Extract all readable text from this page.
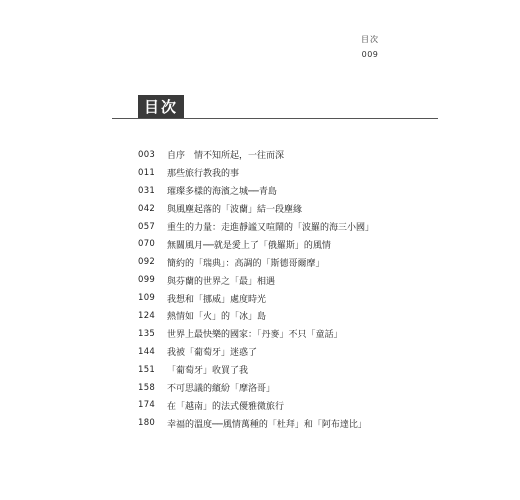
目次
009
目次
003	自序　情不知所起，一往而深
011	那些旅行教我的事
031	璀璨多樣的海濱之城──青島
042	與風塵起落的「波蘭」結一段塵緣
057	重生的力量：走進靜謐又喧鬧的「波羅的海三小國」
070	無關風月──就是愛上了「俄羅斯」的風情
092	簡約的「瑞典」：高調的「斯德哥爾摩」
099	與芬蘭的世界之「最」相遇
109	我想和「挪威」處度時光
124	熱情如「火」的「冰」島
135	世界上最快樂的國家：「丹麥」不只「童話」
144	我被「葡萄牙」迷惑了
151	「葡萄牙」收買了我
158	不可思議的繽紛「摩洛哥」
174	在「越南」的法式優雅微旅行
180	幸福的溫度──風情萬種的「杜拜」和「阿布達比」
